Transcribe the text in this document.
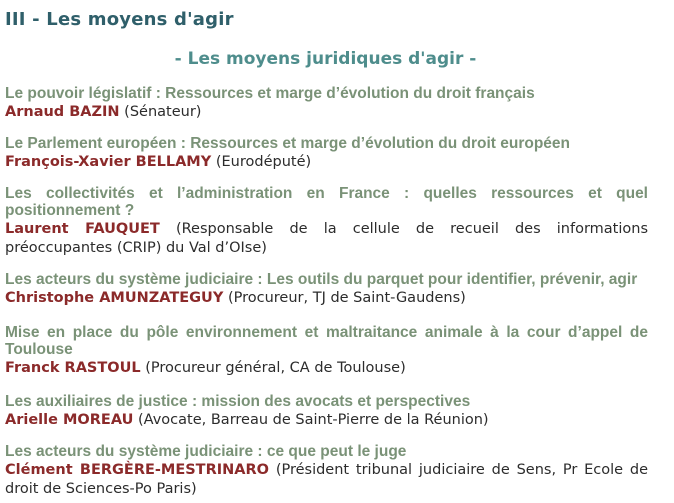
III - Les moyens d'agir
- Les moyens juridiques d'agir -
Le pouvoir législatif : Ressources et marge d’évolution du droit français
Arnaud BAZIN (Sénateur)
Le Parlement européen : Ressources et marge d’évolution du droit européen
François-Xavier BELLAMY (Eurodéputé)
Les collectivités et l’administration en France : quelles ressources et quel positionnement ?
Laurent FAUQUET (Responsable de la cellule de recueil des informations préoccupantes (CRIP) du Val d’OIse)
Les acteurs du système judiciaire : Les outils du parquet pour identifier, prévenir, agir
Christophe AMUNZATEGUY (Procureur, TJ de Saint-Gaudens)
Mise en place du pôle environnement et maltraitance animale à la cour d’appel de Toulouse
Franck RASTOUL (Procureur général, CA de Toulouse)
Les auxiliaires de justice : mission des avocats et perspectives
Arielle MOREAU (Avocate, Barreau de Saint-Pierre de la Réunion)
Les acteurs du système judiciaire : ce que peut le juge
Clément BERGÈRE-MESTRINARO (Président tribunal judiciaire de Sens, Pr Ecole de droit de Sciences-Po Paris)
